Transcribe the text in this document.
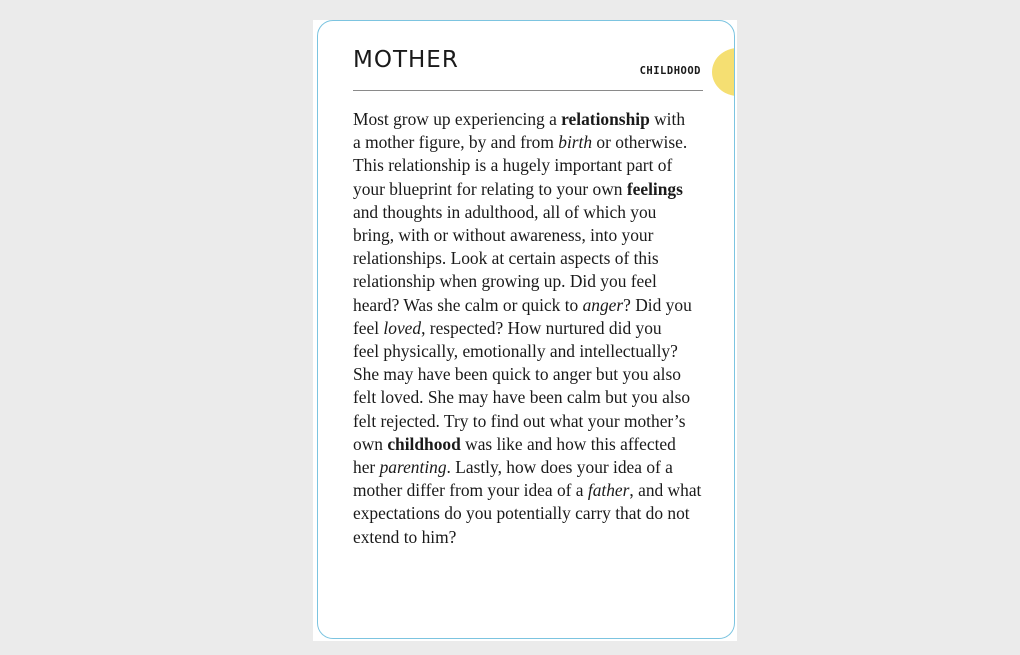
MOTHER	CHILDHOOD
Most grow up experiencing a relationship with
a mother figure, by and from birth or otherwise.
This relationship is a hugely important part of
your blueprint for relating to your own feelings
and thoughts in adulthood, all of which you
bring, with or without awareness, into your
relationships. Look at certain aspects of this
relationship when growing up. Did you feel
heard? Was she calm or quick to anger? Did you
feel loved, respected? How nurtured did you
feel physically, emotionally and intellectually?
She may have been quick to anger but you also
felt loved. She may have been calm but you also
felt rejected. Try to find out what your mother’s
own childhood was like and how this affected
her parenting. Lastly, how does your idea of a
mother differ from your idea of a father, and what
expectations do you potentially carry that do not
extend to him?
